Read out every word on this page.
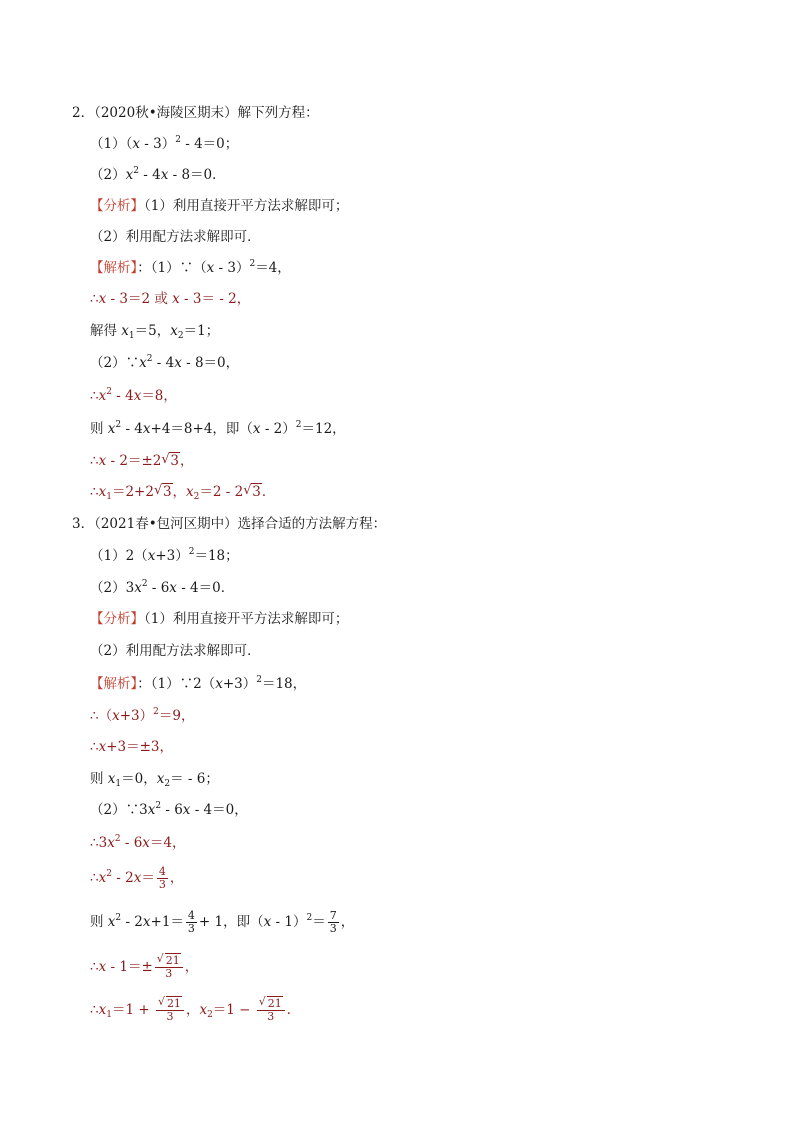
2．（2020秋•海陵区期末）解下列方程：
（1）（x - 3）$^2$ - 4＝0；
$(2)x^2 - 4x - 8=0$．
【分析】（1）利用直接开平方法求解即可；
（2）利用配方法求解即可．
【解析】：（1）∵（x - 3）$^2$＝4，
∴x - 3＝2 或 x - 3＝ - 2，
解得 $x_1=5$，$x_2=1$；
$(2)\because x^2 - 4x - 8=0$，
$\therefore x^2 - 4x=8$，
则 $x^2 - 4x+4=8+4$，即（x - 2）$^2$＝12，
∴x - 2＝±2√ 3，
$\therefore x_1=2+2√$ 3，$x_2=2 - 2√$ 3．
3．（2021春•包河区期中）选择合适的方法解方程：
$(1)2(x+3)^2=18$；
$(2)3x^2 - 6x - 4=0$．
【分析】（1）利用直接开平方法求解即可；
（2）利用配方法求解即可．
【解析】：$(1)\because 2(x+3)^2=18$，
$\therefore(x+3)^2=9$，
∴x+3＝±3，
则 $x_1=0$，$x_2= - 6$；
$(2)\because 3x^2 - 6x - 4=0$，
$\therefore 3x^2 - 6x=4$，
$\therefore x^2 - 2x= \frac{4}{3}$ ，
则 $x^2 - 2x+1= \frac{4}{3} + 1$，即$(x - 1)^2= \frac{7}{3}$ ，
∴x - 1＝±
√ $\frac{21}{3}$ ，
$\therefore x_1=1$ +
√ $\frac{21}{3}$ ，$x_2=1$ −
√ $\frac{21}{3}$ ．
